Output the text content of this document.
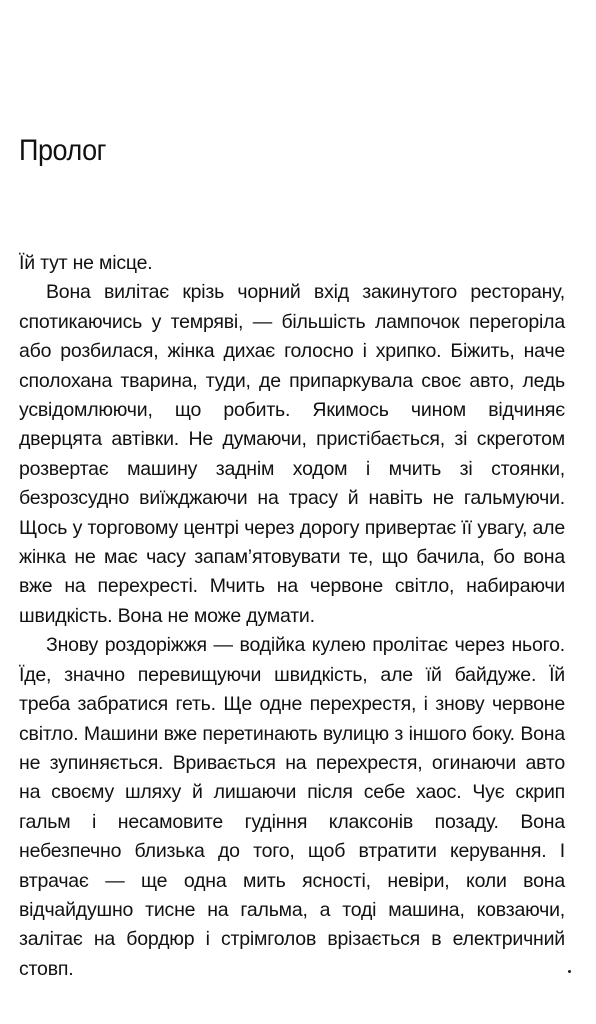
Пролог

Їй тут не місце.

Вона вилітає крізь чорний вхід закинутого ресторану, спотикаючись у темряві, — більшість лампочок перегоріла або розбилася, жінка дихає голосно і хрипко. Біжить, наче сполохана тварина, туди, де припаркувала своє авто, ледь усвідомлюючи, що робить. Якимось чином відчиняє дверцята автівки. Не думаючи, пристібається, зі скреготом розвертає машину заднім ходом і мчить зі стоянки, безрозсудно виїжджаючи на трасу й навіть не гальмуючи. Щось у торговому центрі через дорогу привертає її увагу, але жінка не має часу запам’ятовувати те, що бачила, бо вона вже на перехресті. Мчить на червоне світло, набираючи швидкість. Вона не може думати.

Знову роздоріжжя — водійка кулею пролітає через нього. Їде, значно перевищуючи швидкість, але їй байдуже. Їй треба забратися геть. Ще одне перехрестя, і знову червоне світло. Машини вже перетинають вулицю з іншого боку. Вона не зупиняється. Вривається на перехрестя, огинаючи авто на своєму шляху й лишаючи після себе хаос. Чує скрип гальм і несамовите гудіння клаксонів позаду. Вона небезпечно близька до того, щоб втратити керування. І втрачає — ще одна мить ясності, невіри, коли вона відчайдушно тисне на гальма, а тоді машина, ковзаючи, залітає на бордюр і стрімголов врізається в електричний стовп.
